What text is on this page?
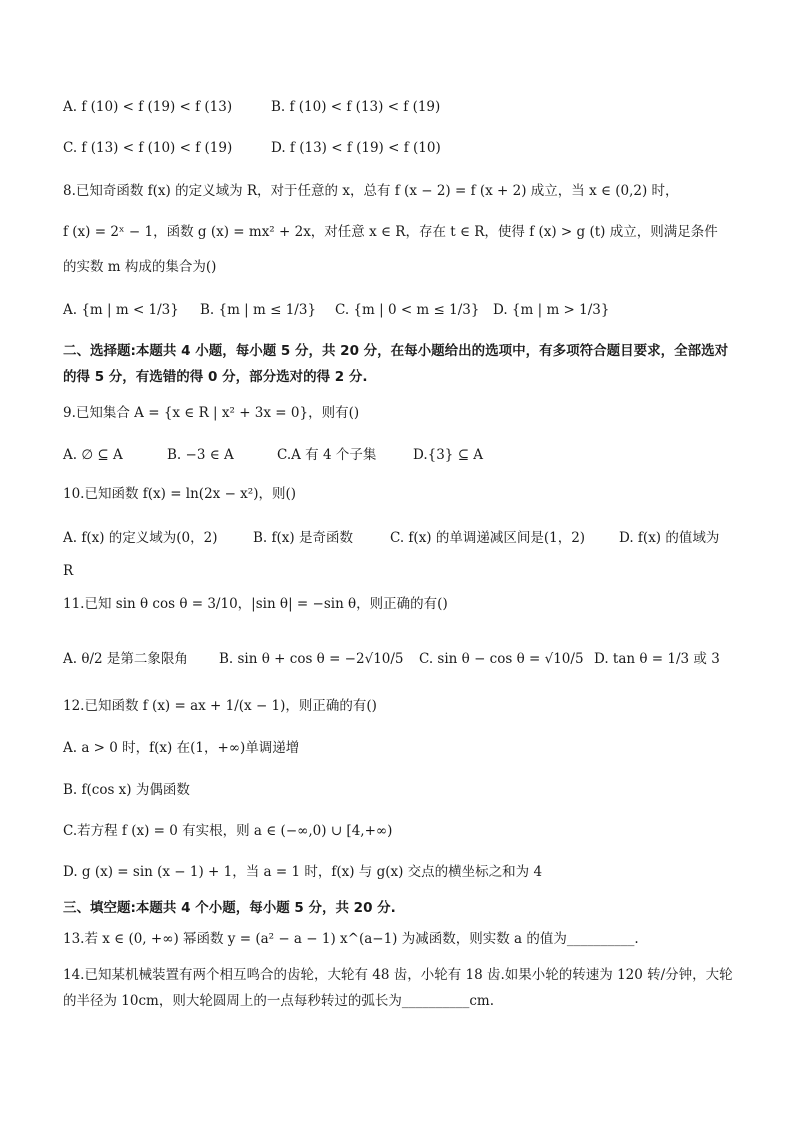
A. f (10) < f (19) < f (13)	B. f (10) < f (13) < f (19)
C. f (13) < f (10) < f (19)	D. f (13) < f (19) < f (10)
8.已知奇函数 f(x) 的定义域为 R，对于任意的 x，总有 f (x − 2) = f (x + 2) 成立，当 x ∈ (0,2) 时，
f (x) = 2ˣ − 1，函数 g (x) = mx² + 2x，对任意 x ∈ R，存在 t ∈ R，使得 f (x) > g (t) 成立，则满足条件
的实数 m 构成的集合为()
A. {m | m < 1/3} B. {m | m ≤ 1/3} C. {m | 0 < m ≤ 1/3} D. {m | m > 1/3}
二、选择题:本题共 4 小题，每小题 5 分，共 20 分，在每小题给出的选项中，有多项符合题目要求，全部选对
的得 5 分，有选错的得 0 分，部分选对的得 2 分.
9.已知集合 A = {x ∈ R | x² + 3x = 0}，则有()
A. ∅ ⊆ A	B. −3 ∈ A	C.A 有 4 个子集	D.{3} ⊆ A
10.已知函数 f(x) = ln(2x − x²)，则()
A. f(x) 的定义域为(0，2)	B. f(x) 是奇函数	C. f(x) 的单调递减区间是(1，2)	D. f(x) 的值域为
R
11.已知 sin θ cos θ = 3/10，|sin θ| = −sin θ，则正确的有()
A. θ/2 是第二象限角 B. sin θ + cos θ = −2√10/5 C. sin θ − cos θ = √10/5 D. tan θ = 1/3 或 3
12.已知函数 f (x) = ax + 1/(x − 1)，则正确的有()
A. a > 0 时，f(x) 在(1，+∞)单调递增
B. f(cos x) 为偶函数
C.若方程 f (x) = 0 有实根，则 a ∈ (−∞,0) ∪ [4,+∞)
D. g (x) = sin (x − 1) + 1，当 a = 1 时，f(x) 与 g(x) 交点的横坐标之和为 4
三、填空题:本题共 4 个小题，每小题 5 分，共 20 分.
13.若 x ∈ (0, +∞) 幂函数 y = (a² − a − 1) x^(a−1) 为减函数，则实数 a 的值为__________.
14.已知某机械装置有两个相互鸣合的齿轮，大轮有 48 齿，小轮有 18 齿.如果小轮的转速为 120 转/分钟，大轮
的半径为 10cm，则大轮圆周上的一点每秒转过的弧长为__________cm.
